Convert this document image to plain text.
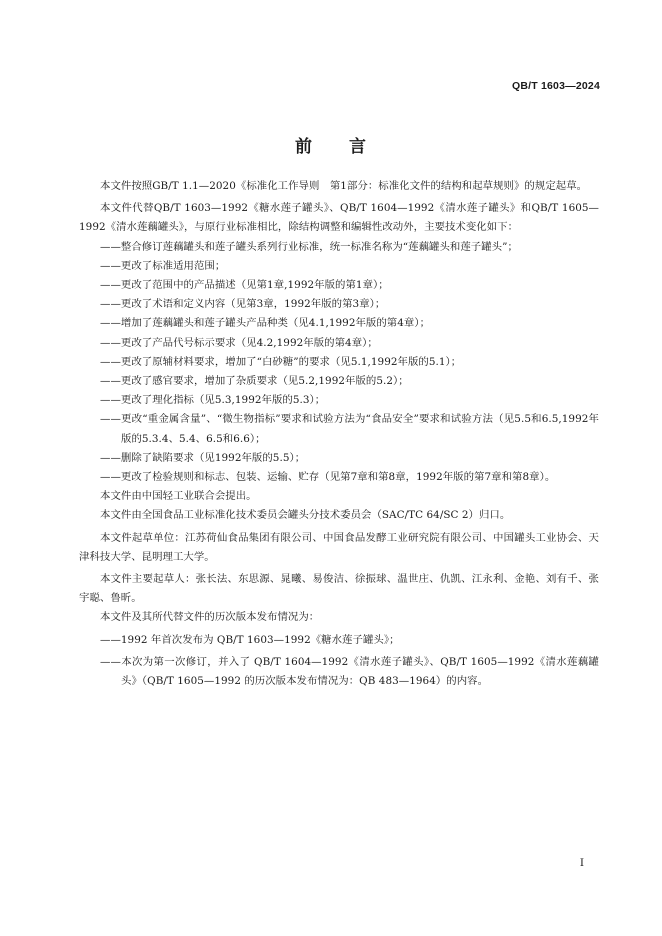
QB/T 1603—2024
前　　言

本文件按照GB/T 1.1—2020《标准化工作导则　第1部分：标准化文件的结构和起草规则》的规定起草。

本文件代替QB/T 1603—1992《糖水莲子罐头》、QB/T 1604—1992《清水莲子罐头》和QB/T 1605—1992《清水莲藕罐头》，与原行业标准相比，除结构调整和编辑性改动外，主要技术变化如下：

——整合修订莲藕罐头和莲子罐头系列行业标准，统一标准名称为“莲藕罐头和莲子罐头”；

——更改了标准适用范围；

——更改了范围中的产品描述（见第1章,1992年版的第1章）；

——更改了术语和定义内容（见第3章，1992年版的第3章）；

——增加了莲藕罐头和莲子罐头产品种类（见4.1,1992年版的第4章）；

——更改了产品代号标示要求（见4.2,1992年版的第4章）；

——更改了原辅材料要求，增加了“白砂糖”的要求（见5.1,1992年版的5.1）；

——更改了感官要求，增加了杂质要求（见5.2,1992年版的5.2）；

——更改了理化指标（见5.3,1992年版的5.3）；

——更改“重金属含量”、“微生物指标”要求和试验方法为“食品安全”要求和试验方法（见5.5和6.5,1992年版的5.3.4、5.4、6.5和6.6）；

——删除了缺陷要求（见1992年版的5.5）；

——更改了检验规则和标志、包装、运输、贮存（见第7章和第8章，1992年版的第7章和第8章）。

本文件由中国轻工业联合会提出。

本文件由全国食品工业标准化技术委员会罐头分技术委员会（SAC/TC 64/SC 2）归口。

本文件起草单位：江苏荷仙食品集团有限公司、中国食品发酵工业研究院有限公司、中国罐头工业协会、天津科技大学、昆明理工大学。

本文件主要起草人：张长法、东思源、晁曦、易俊洁、徐振球、温世庄、仇凯、江永利、金艳、刘有千、张宇聪、鲁昕。

本文件及其所代替文件的历次版本发布情况为：

——1992 年首次发布为 QB/T 1603—1992《糖水莲子罐头》；

——本次为第一次修订，并入了 QB/T 1604—1992《清水莲子罐头》、QB/T 1605—1992《清水莲藕罐头》（QB/T 1605—1992 的历次版本发布情况为：QB 483—1964）的内容。

I
